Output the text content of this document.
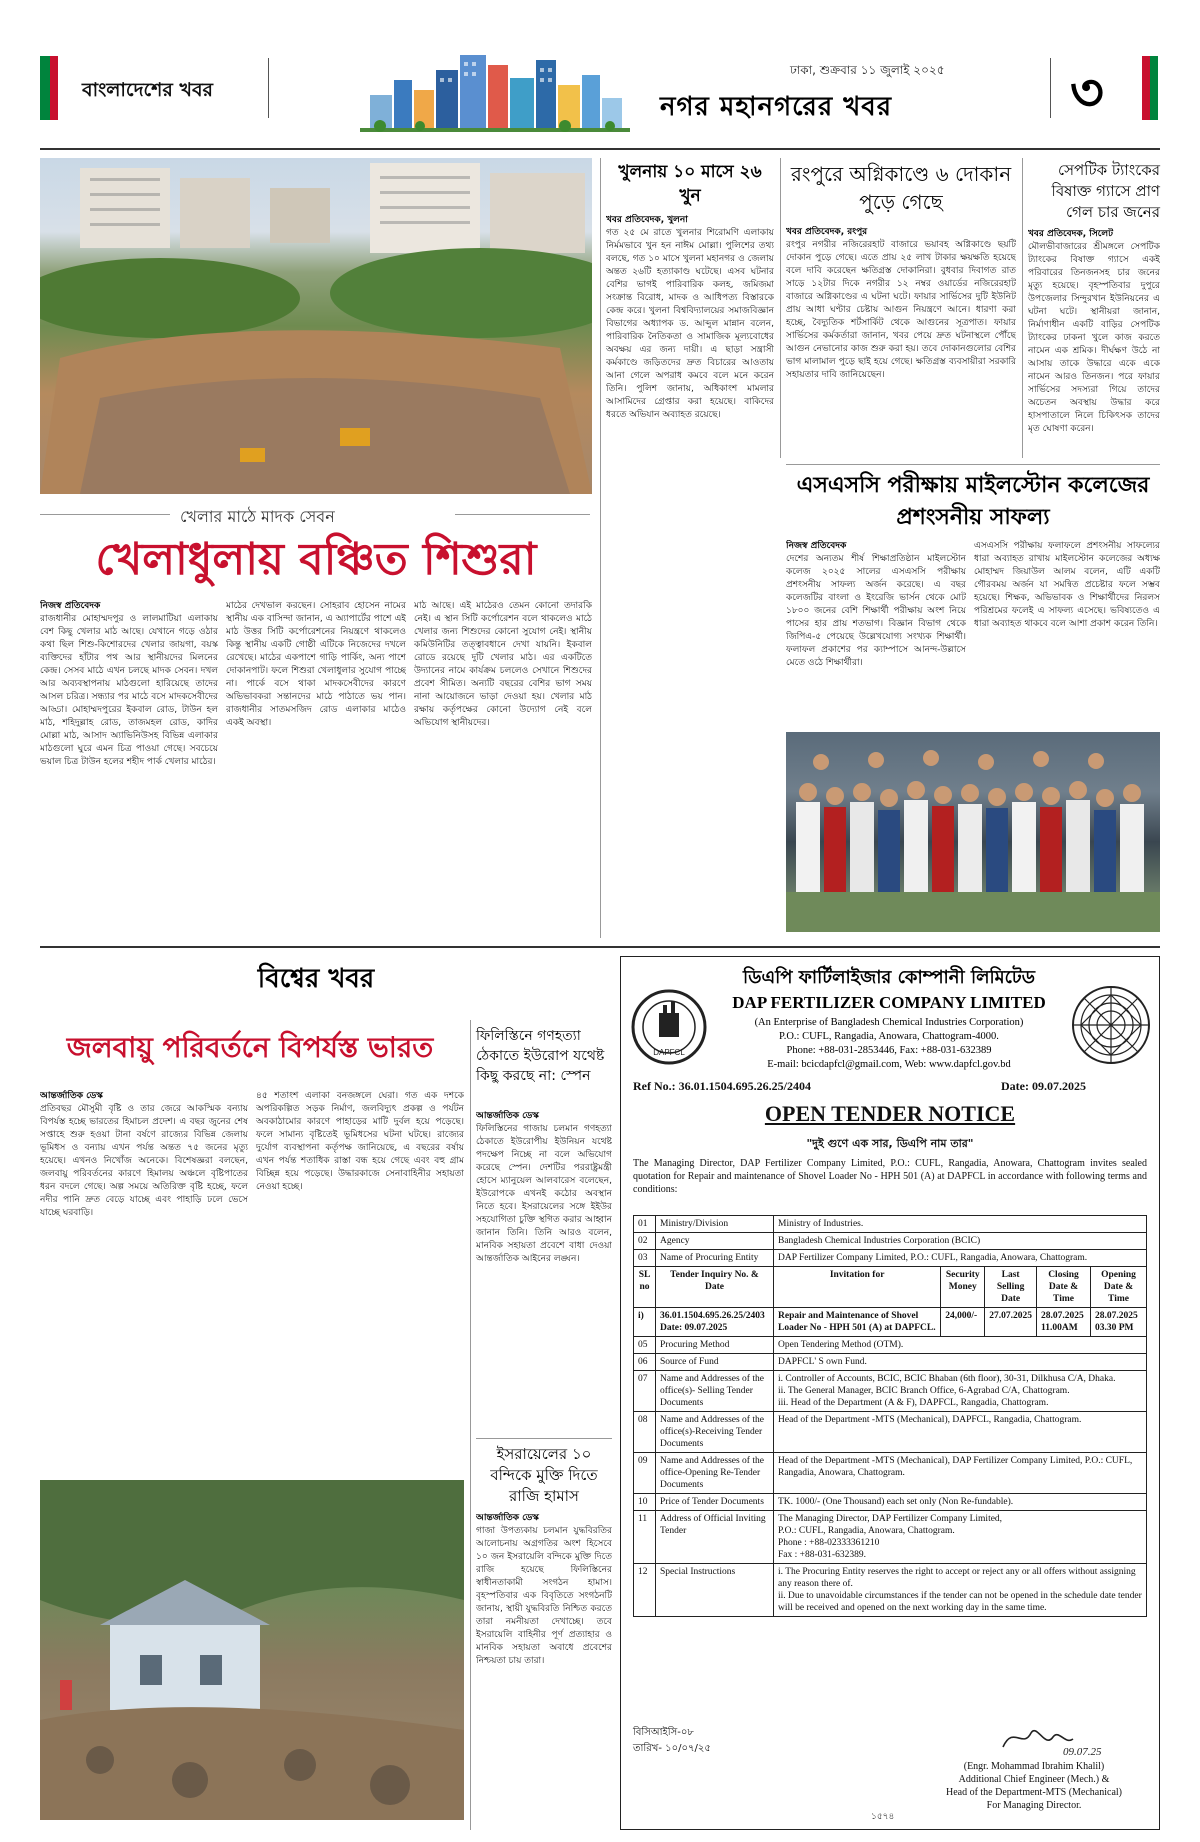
বাংলাদেশের খবর
ঢাকা, শুক্রবার ১১ জুলাই ২০২৫
নগর মহানগরের খবর	৩
খেলার মাঠে মাদক সেবন
খেলাধুলায় বঞ্চিত শিশুরা
নিজস্ব প্রতিবেদক
রাজধানীর মোহাম্মদপুর ও লালমাটিয়া এলাকায় বেশ কিছু খেলার মাঠ আছে। যেখানে গড়ে ওঠার কথা ছিল শিশু-কিশোরদের খেলার জায়গা, বয়স্ক ব্যক্তিদের হাঁটার পথ আর স্থানীয়দের মিলনের কেন্দ্র। সেসব মাঠে এখন চলছে মাদক সেবন। দখল আর অব্যবস্থাপনায় মাঠগুলো হারিয়েছে তাদের আসল চরিত্র। সন্ধ্যার পর মাঠে বসে মাদকসেবীদের আড্ডা। মোহাম্মদপুরের ইকবাল রোড, টাউন হল মাঠ, শহিদুল্লাহ রোড, তাজমহল রোড, কাদির মোল্লা মাঠ, আসাদ অ্যাভিনিউসহ বিভিন্ন এলাকার মাঠগুলো ঘুরে এমন চিত্র পাওয়া গেছে। সবচেয়ে ভয়াল চিত্র টাউন হলের শহীদ পার্ক খেলার মাঠের।
মাঠের দেখভাল করছেন। সোহরাব হোসেন নামের স্থানীয় এক বাসিন্দা জানান, এ অ্যাপার্টের পাশে এই মাঠ উত্তর সিটি কর্পোরেশনের নিয়ন্ত্রণে থাকলেও কিন্তু স্থানীয় একটি গোষ্ঠী এটিকে নিজেদের দখলে রেখেছে। মাঠের একপাশে গাড়ি পার্কিং, অন্য পাশে দোকানপাট। ফলে শিশুরা খেলাধুলার সুযোগ পাচ্ছে না। পার্কে বসে থাকা মাদকসেবীদের কারণে অভিভাবকরা সন্তানদের মাঠে পাঠাতে ভয় পান। রাজধানীর সাতমসজিদ রোড এলাকার মাঠেও একই অবস্থা।
মাঠ আছে। এই মাঠেরও তেমন কোনো তদারকি নেই। এ স্থান সিটি কর্পোরেশন বলে থাকলেও মাঠে খেলার জন্য শিশুদের কোনো সুযোগ নেই। স্থানীয় কমিউনিটির তত্ত্বাবধানে দেখা যায়নি। ইকবাল রোডে রয়েছে দুটি খেলার মাঠ। এর একটিতে উদ্যানের নামে কার্যক্রম চললেও সেখানে শিশুদের প্রবেশ সীমিত। অন্যটি বছরের বেশির ভাগ সময় নানা আয়োজনে ভাড়া দেওয়া হয়। খেলার মাঠ রক্ষায় কর্তৃপক্ষের কোনো উদ্যোগ নেই বলে অভিযোগ স্থানীয়দের।
খুলনায় ১০ মাসে ২৬ খুন
খবর প্রতিবেদক, খুলনা
গত ২৫ মে রাতে খুলনার শিরোমণি এলাকায় নির্মমভাবে খুন হন নাঈম মোল্লা। পুলিশের তথ্য বলছে, গত ১০ মাসে খুলনা মহানগর ও জেলায় অন্তত ২৬টি হত্যাকাণ্ড ঘটেছে। এসব ঘটনার বেশির ভাগই পারিবারিক কলহ, জমিজমা সংক্রান্ত বিরোধ, মাদক ও আধিপত্য বিস্তারকে কেন্দ্র করে। খুলনা বিশ্ববিদ্যালয়ের সমাজবিজ্ঞান বিভাগের অধ্যাপক ড. আব্দুল মান্নান বলেন, পারিবারিক নৈতিকতা ও সামাজিক মূল্যবোধের অবক্ষয় এর জন্য দায়ী। এ ছাড়া সন্ত্রাসী কর্মকাণ্ডে জড়িতদের দ্রুত বিচারের আওতায় আনা গেলে অপরাধ কমবে বলে মনে করেন তিনি। পুলিশ জানায়, অধিকাংশ মামলার আসামিদের গ্রেপ্তার করা হয়েছে। বাকিদের ধরতে অভিযান অব্যাহত রয়েছে।
রংপুরে অগ্নিকাণ্ডে ৬ দোকান পুড়ে গেছে
খবর প্রতিবেদক, রংপুর
রংপুর নগরীর নজিরেরহাট বাজারে ভয়াবহ অগ্নিকাণ্ডে ছয়টি দোকান পুড়ে গেছে। এতে প্রায় ২৫ লাখ টাকার ক্ষয়ক্ষতি হয়েছে বলে দাবি করেছেন ক্ষতিগ্রস্ত দোকানিরা। বুধবার দিবাগত রাত সাড়ে ১২টার দিকে নগরীর ১২ নম্বর ওয়ার্ডের নজিরেরহাট বাজারে অগ্নিকাণ্ডের এ ঘটনা ঘটে। ফায়ার সার্ভিসের দুটি ইউনিট প্রায় আধা ঘণ্টার চেষ্টায় আগুন নিয়ন্ত্রণে আনে। ধারণা করা হচ্ছে, বৈদ্যুতিক শর্টসার্কিট থেকে আগুনের সূত্রপাত। ফায়ার সার্ভিসের কর্মকর্তারা জানান, খবর পেয়ে দ্রুত ঘটনাস্থলে পৌঁছে আগুন নেভানোর কাজ শুরু করা হয়। তবে দোকানগুলোর বেশির ভাগ মালামাল পুড়ে ছাই হয়ে গেছে। ক্ষতিগ্রস্ত ব্যবসায়ীরা সরকারি সহায়তার দাবি জানিয়েছেন।
সেপটিক ট্যাংকের বিষাক্ত গ্যাসে প্রাণ গেল চার জনের
খবর প্রতিবেদক, সিলেট
মৌলভীবাজারের শ্রীমঙ্গলে সেপটিক ট্যাংকের বিষাক্ত গ্যাসে একই পরিবারের তিনজনসহ চার জনের মৃত্যু হয়েছে। বৃহস্পতিবার দুপুরে উপজেলার সিন্দুরখান ইউনিয়নের এ ঘটনা ঘটে। স্থানীয়রা জানান, নির্মাণাধীন একটি বাড়ির সেপটিক ট্যাংকের ঢাকনা খুলে কাজ করতে নামেন এক শ্রমিক। দীর্ঘক্ষণ উঠে না আসায় তাকে উদ্ধারে একে একে নামেন আরও তিনজন। পরে ফায়ার সার্ভিসের সদস্যরা গিয়ে তাদের অচেতন অবস্থায় উদ্ধার করে হাসপাতালে নিলে চিকিৎসক তাদের মৃত ঘোষণা করেন।
এসএসসি পরীক্ষায় মাইলস্টোন কলেজের প্রশংসনীয় সাফল্য
নিজস্ব প্রতিবেদক
দেশের অন্যতম শীর্ষ শিক্ষাপ্রতিষ্ঠান মাইলস্টোন কলেজ ২০২৫ সালের এসএসসি পরীক্ষায় প্রশংসনীয় সাফল্য অর্জন করেছে। এ বছর কলেজটির বাংলা ও ইংরেজি ভার্সন থেকে মোট ১৮০০ জনের বেশি শিক্ষার্থী পরীক্ষায় অংশ নিয়ে পাসের হার প্রায় শতভাগ। বিজ্ঞান বিভাগ থেকে জিপিএ-৫ পেয়েছে উল্লেখযোগ্য সংখ্যক শিক্ষার্থী। ফলাফল প্রকাশের পর ক্যাম্পাসে আনন্দ-উল্লাসে মেতে ওঠে শিক্ষার্থীরা।
এসএসসি পরীক্ষায় ফলাফলে প্রশংসনীয় সাফল্যের ধারা অব্যাহত রাখায় মাইলস্টোন কলেজের অধ্যক্ষ মোহাম্মদ জিয়াউল আলম বলেন, এটি একটি গৌরবময় অর্জন যা সমন্বিত প্রচেষ্টার ফলে সম্ভব হয়েছে। শিক্ষক, অভিভাবক ও শিক্ষার্থীদের নিরলস পরিশ্রমের ফলেই এ সাফল্য এসেছে। ভবিষ্যতেও এ ধারা অব্যাহত থাকবে বলে আশা প্রকাশ করেন তিনি।
বিশ্বের খবর
জলবায়ু পরিবর্তনে বিপর্যস্ত ভারত
আন্তর্জাতিক ডেস্ক
প্রতিবছর মৌসুমী বৃষ্টি ও তার জেরে আকস্মিক বন্যায় বিপর্যস্ত হচ্ছে ভারতের হিমাচল প্রদেশ। এ বছর জুনের শেষ সপ্তাহে শুরু হওয়া টানা বর্ষণে রাজ্যের বিভিন্ন জেলায় ভূমিধস ও বন্যায় এখন পর্যন্ত অন্তত ৭৫ জনের মৃত্যু হয়েছে। এখনও নিখোঁজ অনেকে। বিশেষজ্ঞরা বলছেন, জলবায়ু পরিবর্তনের কারণে হিমালয় অঞ্চলে বৃষ্টিপাতের ধরন বদলে গেছে। অল্প সময়ে অতিরিক্ত বৃষ্টি হচ্ছে, ফলে নদীর পানি দ্রুত বেড়ে যাচ্ছে এবং পাহাড়ি ঢলে ভেসে যাচ্ছে ঘরবাড়ি।
৪৫ শতাংশ এলাকা বনজঙ্গলে ঘেরা। গত এক দশকে অপরিকল্পিত সড়ক নির্মাণ, জলবিদ্যুৎ প্রকল্প ও পর্যটন অবকাঠামোর কারণে পাহাড়ের মাটি দুর্বল হয়ে পড়েছে। ফলে সামান্য বৃষ্টিতেই ভূমিধসের ঘটনা ঘটছে। রাজ্যের দুর্যোগ ব্যবস্থাপনা কর্তৃপক্ষ জানিয়েছে, এ বছরের বর্ষায় এখন পর্যন্ত শতাধিক রাস্তা বন্ধ হয়ে গেছে এবং বহু গ্রাম বিচ্ছিন্ন হয়ে পড়েছে। উদ্ধারকাজে সেনাবাহিনীর সহায়তা নেওয়া হচ্ছে।
ফিলিস্তিনে গণহত্যা ঠেকাতে ইউরোপ যথেষ্ট কিছু করছে না: স্পেন
আন্তর্জাতিক ডেস্ক
ফিলিস্তিনের গাজায় চলমান গণহত্যা ঠেকাতে ইউরোপীয় ইউনিয়ন যথেষ্ট পদক্ষেপ নিচ্ছে না বলে অভিযোগ করেছে স্পেন। দেশটির পররাষ্ট্রমন্ত্রী হোসে ম্যানুয়েল আলবারেস বলেছেন, ইউরোপকে এখনই কঠোর অবস্থান নিতে হবে। ইসরায়েলের সঙ্গে ইইউর সহযোগিতা চুক্তি স্থগিত করার আহ্বান জানান তিনি। তিনি আরও বলেন, মানবিক সহায়তা প্রবেশে বাধা দেওয়া আন্তর্জাতিক আইনের লঙ্ঘন।
ইসরায়েলের ১০ বন্দিকে মুক্তি দিতে রাজি হামাস
আন্তর্জাতিক ডেস্ক
গাজা উপত্যকায় চলমান যুদ্ধবিরতির আলোচনায় অগ্রগতির অংশ হিসেবে ১০ জন ইসরায়েলি বন্দিকে মুক্তি দিতে রাজি হয়েছে ফিলিস্তিনের স্বাধীনতাকামী সংগঠন হামাস। বৃহস্পতিবার এক বিবৃতিতে সংগঠনটি জানায়, স্থায়ী যুদ্ধবিরতি নিশ্চিত করতে তারা নমনীয়তা দেখাচ্ছে। তবে ইসরায়েলি বাহিনীর পূর্ণ প্রত্যাহার ও মানবিক সহায়তা অবাধে প্রবেশের নিশ্চয়তা চায় তারা।
DAPFCL
ডিএপি ফার্টিলাইজার কোম্পানী লিমিটেড
DAP FERTILIZER COMPANY LIMITED
(An Enterprise of Bangladesh Chemical Industries Corporation)
P.O.: CUFL, Rangadia, Anowara, Chattogram-4000.
Phone: +88-031-2853446, Fax: +88-031-632389
E-mail: bcicdapfcl@gmail.com, Web: www.dapfcl.gov.bd
Ref No.: 36.01.1504.695.26.25/2404	Date: 09.07.2025
OPEN TENDER NOTICE
"দুই গুণে এক সার, ডিএপি নাম তার"
The Managing Director, DAP Fertilizer Company Limited, P.O.: CUFL, Rangadia, Anowara, Chattogram invites sealed quotation for Repair and maintenance of Shovel Loader No - HPH 501 (A) at DAPFCL in accordance with following terms and conditions:
01	Ministry/Division	Ministry of Industries.				
02	Agency	Bangladesh Chemical Industries Corporation (BCIC)				
03	Name of Procuring Entity	DAP Fertilizer Company Limited, P.O.: CUFL, Rangadia, Anowara, Chattogram.				
SL no	Tender Inquiry No. & Date	Invitation for	Security Money	Last Selling Date	Closing Date & Time	Opening Date & Time
i)	36.01.1504.695.26.25/2403 Date: 09.07.2025	Repair and Maintenance of Shovel Loader No - HPH 501 (A) at DAPFCL.	24,000/-	27.07.2025	28.07.2025 11.00AM	28.07.2025 03.30 PM
05	Procuring Method	Open Tendering Method (OTM).				
06	Source of Fund	DAPFCL' S own Fund.				
07	Name and Addresses of the office(s)- Selling Tender Documents	i. Controller of Accounts, BCIC, BCIC Bhaban (6th floor), 30-31, Dilkhusa C/A, Dhaka.
ii. The General Manager, BCIC Branch Office, 6-Agrabad C/A, Chattogram.
iii. Head of the Department (A & F), DAPFCL, Rangadia, Chattogram.				
08	Name and Addresses of the office(s)-Receiving Tender Documents	Head of the Department -MTS (Mechanical), DAPFCL, Rangadia, Chattogram.				
09	Name and Addresses of the office-Opening Re-Tender Documents	Head of the Department -MTS (Mechanical), DAP Fertilizer Company Limited, P.O.: CUFL, Rangadia, Anowara, Chattogram.				
10	Price of Tender Documents	TK. 1000/- (One Thousand) each set only (Non Re-fundable).				
11	Address of Official Inviting Tender	The Managing Director, DAP Fertilizer Company Limited,
P.O.: CUFL, Rangadia, Anowara, Chattogram.
Phone : +88-02333361210
Fax : +88-031-632389.				
12	Special Instructions	i. The Procuring Entity reserves the right to accept or reject any or all offers without assigning any reason there of.
ii. Due to unavoidable circumstances if the tender can not be opened in the schedule date tender will be received and opened on the next working day in the same time.				
বিসিআইসি-০৮
তারিখ- ১০/০৭/২৫	09.07.25
(Engr. Mohammad Ibrahim Khalil)
Additional Chief Engineer (Mech.) &
Head of the Department-MTS (Mechanical)
For Managing Director.
১৫৭৪
